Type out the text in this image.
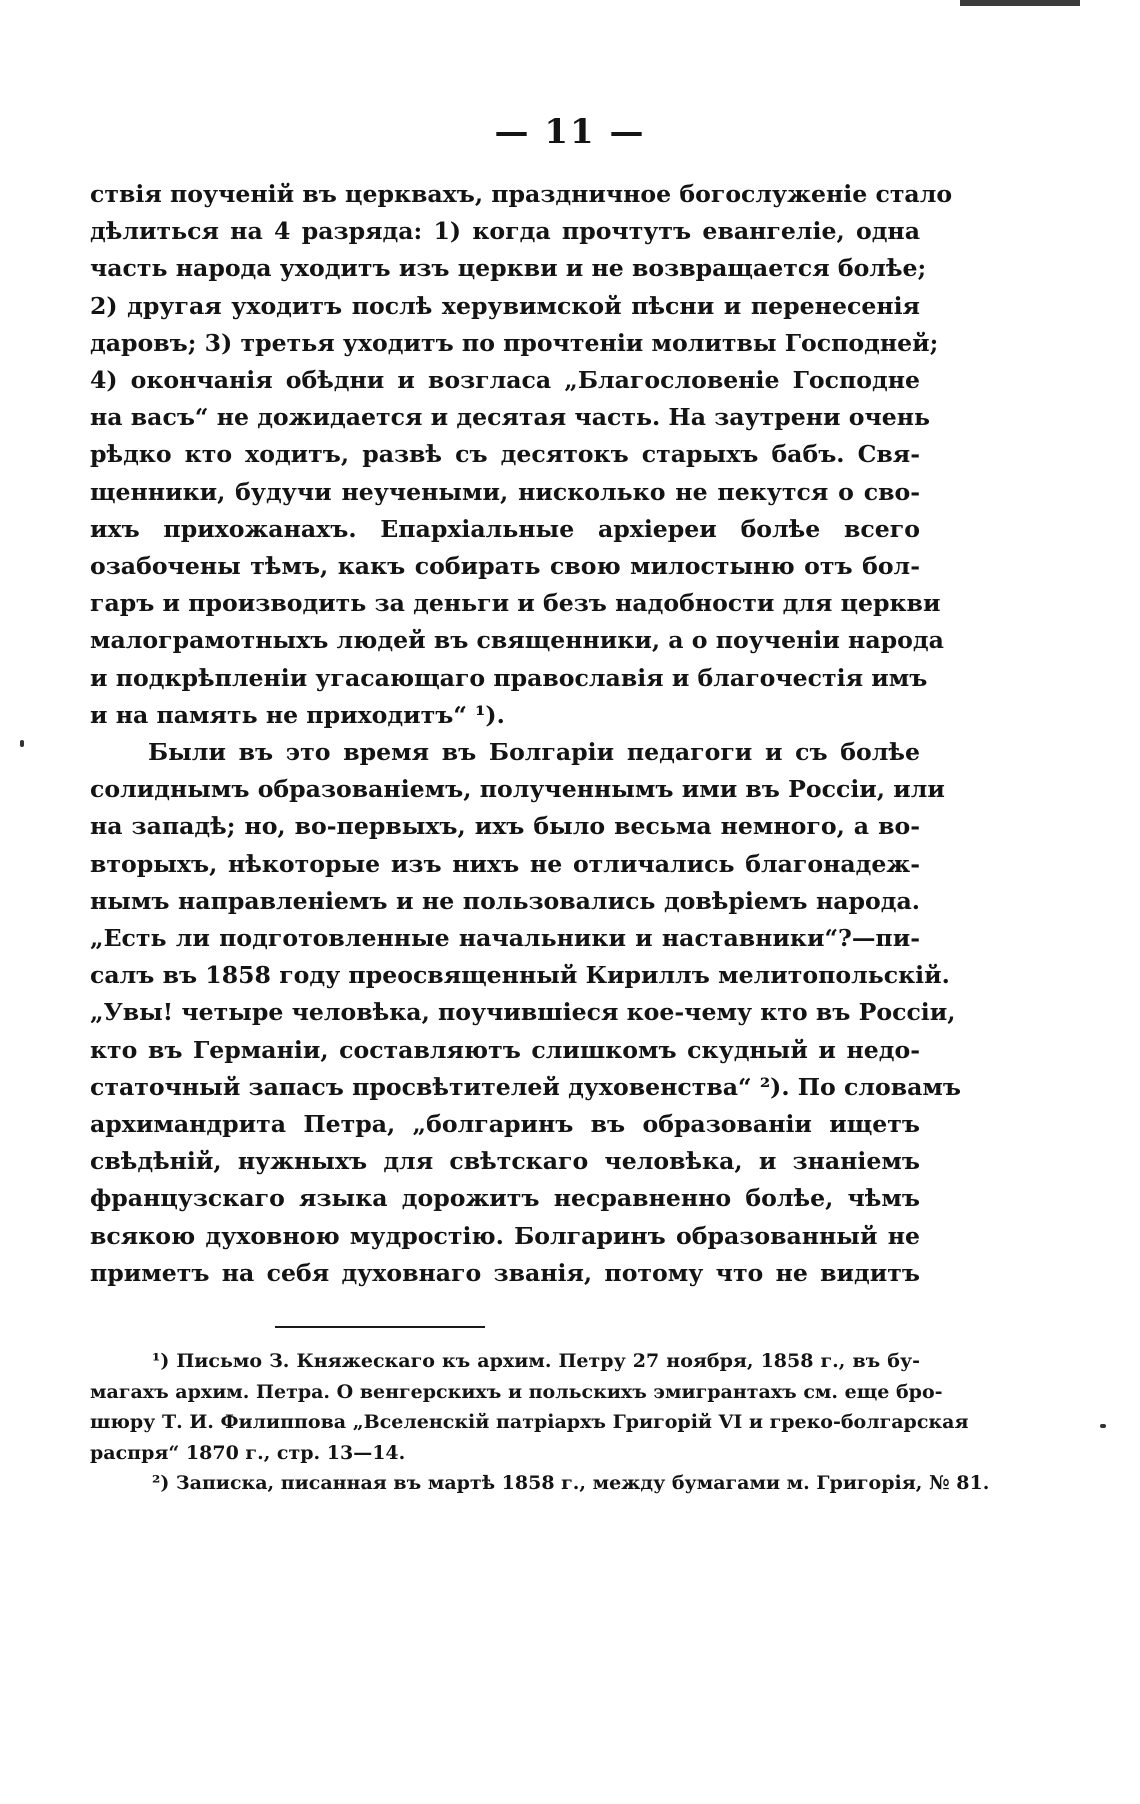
— 11 —
ствія поученій въ церквахъ, праздничное богослуженіе стало
дѣлиться на 4 разряда: 1) когда прочтутъ евангеліе, одна
часть народа уходитъ изъ церкви и не возвращается болѣе;
2) другая уходитъ послѣ херувимской пѣсни и перенесенія
даровъ; 3) третья уходитъ по прочтеніи молитвы Господней;
4) окончанія обѣдни и возгласа „Благословеніе Господне
на васъ“ не дожидается и десятая часть. На заутрени очень
рѣдко кто ходитъ, развѣ съ десятокъ старыхъ бабъ. Свя-
щенники, будучи неучеными, нисколько не пекутся о сво-
ихъ прихожанахъ. Епархіальные архіереи болѣе всего
озабочены тѣмъ, какъ собирать свою милостыню отъ бол-
гаръ и производить за деньги и безъ надобности для церкви
малограмотныхъ людей въ священники, а о поученіи народа
и подкрѣпленіи угасающаго православія и благочестія имъ
и на память не приходитъ“ ¹).
Были въ это время въ Болгаріи педагоги и съ болѣе
солиднымъ образованіемъ, полученнымъ ими въ Россіи, или
на западѣ; но, во-первыхъ, ихъ было весьма немного, а во-
вторыхъ, нѣкоторые изъ нихъ не отличались благонадеж-
нымъ направленіемъ и не пользовались довѣріемъ народа.
„Есть ли подготовленные начальники и наставники“?—пи-
салъ въ 1858 году преосвященный Кириллъ мелитопольскій.
„Увы! четыре человѣка, поучившіеся кое-чему кто въ Россіи,
кто въ Германіи, составляютъ слишкомъ скудный и недо-
статочный запасъ просвѣтителей духовенства“ ²). По словамъ
архимандрита Петра, „болгаринъ въ образованіи ищетъ
свѣдѣній, нужныхъ для свѣтскаго человѣка, и знаніемъ
французскаго языка дорожитъ несравненно болѣе, чѣмъ
всякою духовною мудростію. Болгаринъ образованный не
приметъ на себя духовнаго званія, потому что не видитъ
¹) Письмо З. Княжескаго къ архим. Петру 27 ноября, 1858 г., въ бу-
магахъ архим. Петра. О венгерскихъ и польскихъ эмигрантахъ см. еще бро-
шюру Т. И. Филиппова „Вселенскій патріархъ Григорій VI и греко-болгарская
распря“ 1870 г., стр. 13—14.
²) Записка, писанная въ мартѣ 1858 г., между бумагами м. Григорія, № 81.
